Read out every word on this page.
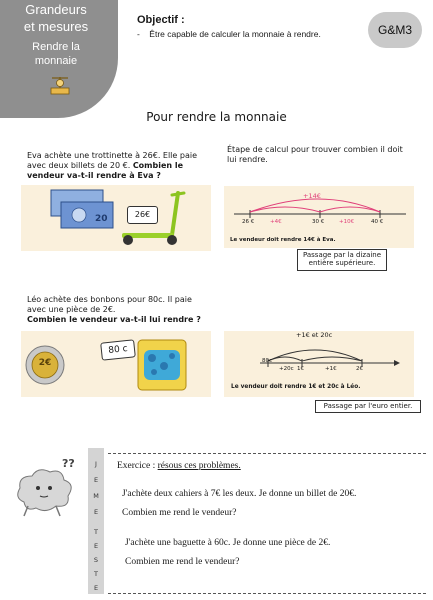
Grandeurs
et mesures
Rendre la
monnaie
G&M3
Objectif :
- Être capable de calculer la monnaie à rendre.
Pour rendre la monnaie
Eva achète une trottinette à 26€. Elle paie
avec deux billets de 20 €. Combien le
vendeur va-t-il rendre à Eva ?
20	26€
Étape de calcul pour trouver combien il doit
lui rendre.
+14€
+4€	+10€
26 €	30 €	40 €
Le vendeur doit rendre 14€ à Eva.
Passage par la dizaine
entière supérieure.
Léo achète des bonbons pour 80c. Il paie
avec une pièce de 2€.
Combien le vendeur va-t-il lui rendre ?
2€
80 c
+1€ et 20c
+20c	+1€
80c
1€	2€
Le vendeur doit rendre 1€ et 20c à Léo.
Passage par l'euro entier.
??	J
E
M
E
T
E
S
T
E
Exercice : résous ces problèmes.
J'achète deux cahiers à 7€ les deux. Je donne un billet de 20€.
Combien me rend le vendeur?
J'achète une baguette à 60c. Je donne une pièce de 2€.
Combien me rend le vendeur?
